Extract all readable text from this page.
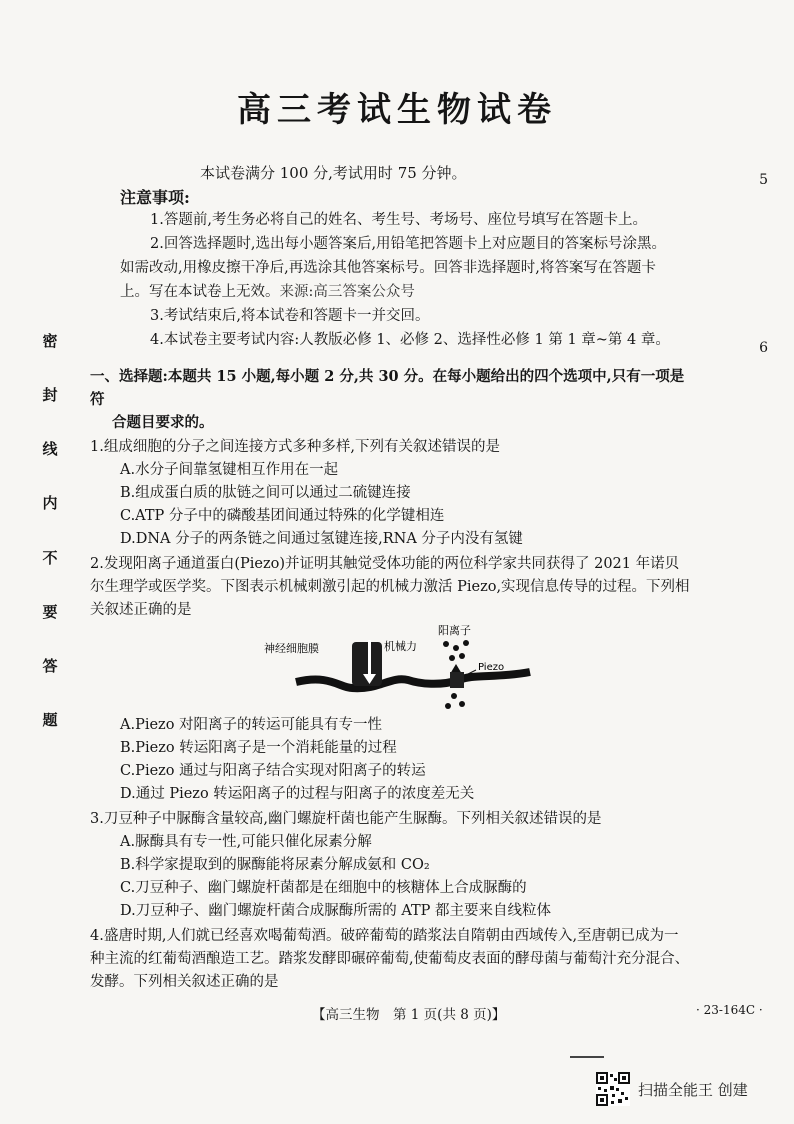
密
封
线
内
不
要
答
题
5
6
高三考试生物试卷
本试卷满分 100 分,考试用时 75 分钟。
注意事项:

1.答题前,考生务必将自己的姓名、考生号、考场号、座位号填写在答题卡上。

2.回答选择题时,选出每小题答案后,用铅笔把答题卡上对应题目的答案标号涂黑。如需改动,用橡皮擦干净后,再选涂其他答案标号。回答非选择题时,将答案写在答题卡上。写在本试卷上无效。来源:高三答案公众号

3.考试结束后,将本试卷和答题卡一并交回。

4.本试卷主要考试内容:人教版必修 1、必修 2、选择性必修 1 第 1 章~第 4 章。

一、选择题:本题共 15 小题,每小题 2 分,共 30 分。在每小题给出的四个选项中,只有一项是符
合题目要求的。

1.组成细胞的分子之间连接方式多种多样,下列有关叙述错误的是

A.水分子间靠氢键相互作用在一起

B.组成蛋白质的肽链之间可以通过二硫键连接

C.ATP 分子中的磷酸基团间通过特殊的化学键相连

D.DNA 分子的两条链之间通过氢键连接,RNA 分子内没有氢键

2.发现阳离子通道蛋白(Piezo)并证明其触觉受体功能的两位科学家共同获得了 2021 年诺贝尔生理学或医学奖。下图表示机械刺激引起的机械力激活 Piezo,实现信息传导的过程。下列相关叙述正确的是

神经细胞膜	机械力
阳离子
Piezo

A.Piezo 对阳离子的转运可能具有专一性

B.Piezo 转运阳离子是一个消耗能量的过程

C.Piezo 通过与阳离子结合实现对阳离子的转运

D.通过 Piezo 转运阳离子的过程与阳离子的浓度差无关

3.刀豆种子中脲酶含量较高,幽门螺旋杆菌也能产生脲酶。下列相关叙述错误的是

A.脲酶具有专一性,可能只催化尿素分解

B.科学家提取到的脲酶能将尿素分解成氨和 CO₂

C.刀豆种子、幽门螺旋杆菌都是在细胞中的核糖体上合成脲酶的

D.刀豆种子、幽门螺旋杆菌合成脲酶所需的 ATP 都主要来自线粒体

4.盛唐时期,人们就已经喜欢喝葡萄酒。破碎葡萄的踏浆法自隋朝由西域传入,至唐朝已成为一种主流的红葡萄酒酿造工艺。踏浆发酵即碾碎葡萄,使葡萄皮表面的酵母菌与葡萄汁充分混合、发酵。下列相关叙述正确的是

【高三生物　第 1 页(共 8 页)】	· 23-164C ·
扫描全能王 创建
